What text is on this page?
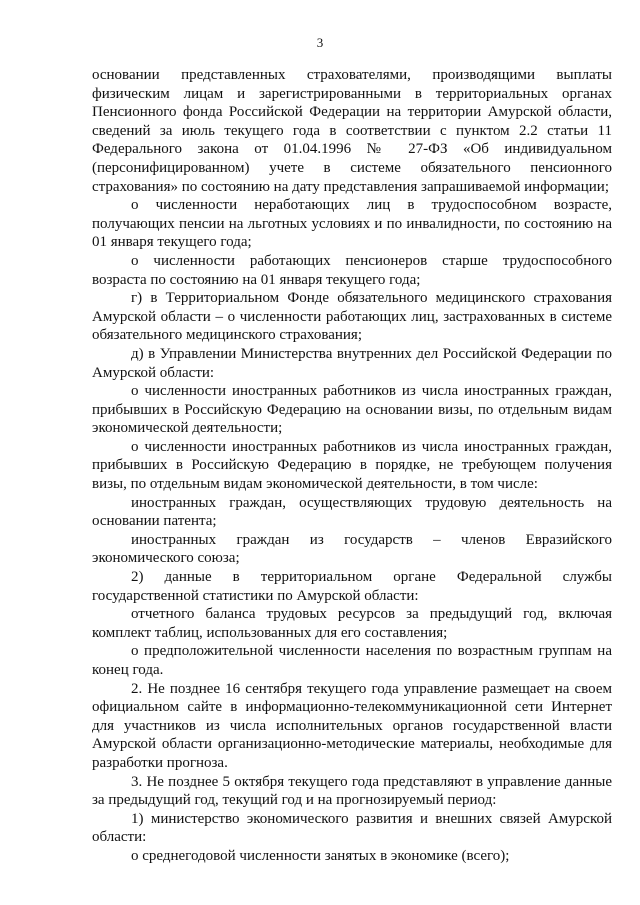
3

основании представленных страхователями, производящими выплаты физическим лицам и зарегистрированными в территориальных органах Пенсионного фонда Российской Федерации на территории Амурской области, сведений за июль текущего года в соответствии с пунктом 2.2 статьи 11 Федерального закона от 01.04.1996 № 27-ФЗ «Об индивидуальном (персонифицированном) учете в системе обязательного пенсионного страхования» по состоянию на дату представления запрашиваемой информации;

о численности неработающих лиц в трудоспособном возрасте, получающих пенсии на льготных условиях и по инвалидности, по состоянию на 01 января текущего года;

о численности работающих пенсионеров старше трудоспособного возраста по состоянию на 01 января текущего года;

г) в Территориальном Фонде обязательного медицинского страхования Амурской области – о численности работающих лиц, застрахованных в системе обязательного медицинского страхования;

д) в Управлении Министерства внутренних дел Российской Федерации по Амурской области:

о численности иностранных работников из числа иностранных граждан, прибывших в Российскую Федерацию на основании визы, по отдельным видам экономической деятельности;

о численности иностранных работников из числа иностранных граждан, прибывших в Российскую Федерацию в порядке, не требующем получения визы, по отдельным видам экономической деятельности, в том числе:

иностранных граждан, осуществляющих трудовую деятельность на основании патента;

иностранных граждан из государств – членов Евразийского экономического союза;

2) данные в территориальном органе Федеральной службы государственной статистики по Амурской области:

отчетного баланса трудовых ресурсов за предыдущий год, включая комплект таблиц, использованных для его составления;

о предположительной численности населения по возрастным группам на конец года.

2. Не позднее 16 сентября текущего года управление размещает на своем официальном сайте в информационно-телекоммуникационной сети Интернет для участников из числа исполнительных органов государственной власти Амурской области организационно-методические материалы, необходимые для разработки прогноза.

3. Не позднее 5 октября текущего года представляют в управление данные за предыдущий год, текущий год и на прогнозируемый период:

1) министерство экономического развития и внешних связей Амурской области:

о среднегодовой численности занятых в экономике (всего);
